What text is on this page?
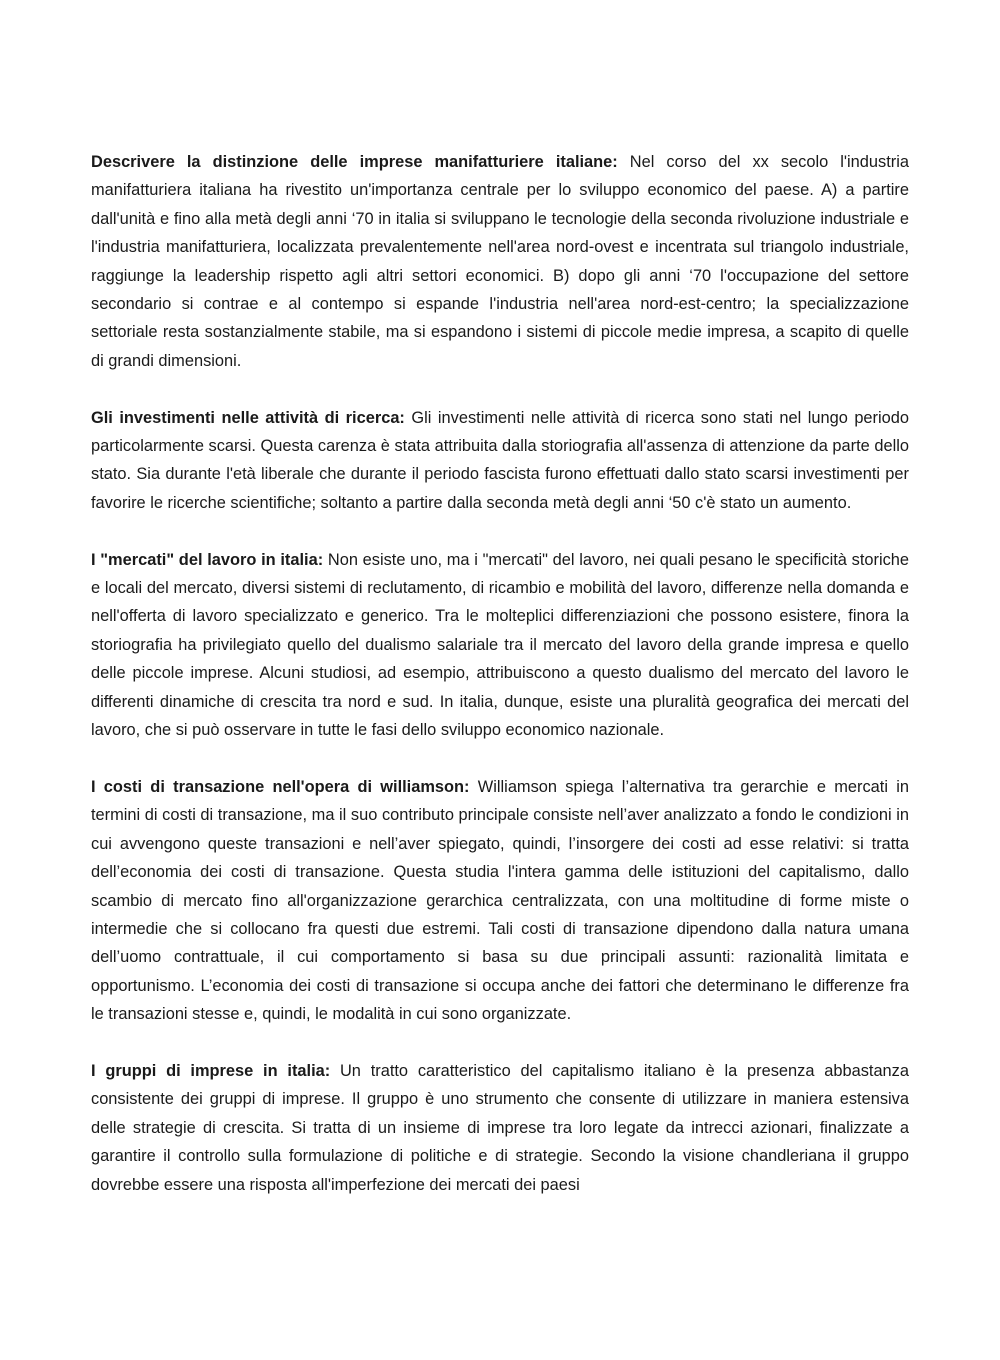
Descrivere la distinzione delle imprese manifatturiere italiane: Nel corso del xx secolo l'industria manifatturiera italiana ha rivestito un'importanza centrale per lo sviluppo economico del paese. A) a partire dall'unità e fino alla metà degli anni ‘70 in italia si sviluppano le tecnologie della seconda rivoluzione industriale e l'industria manifatturiera, localizzata prevalentemente nell'area nord-ovest e incentrata sul triangolo industriale, raggiunge la leadership rispetto agli altri settori economici. B) dopo gli anni ‘70 l'occupazione del settore secondario si contrae e al contempo si espande l'industria nell'area nord-est-centro; la specializzazione settoriale resta sostanzialmente stabile, ma si espandono i sistemi di piccole medie impresa, a scapito di quelle di grandi dimensioni.

Gli investimenti nelle attività di ricerca: Gli investimenti nelle attività di ricerca sono stati nel lungo periodo particolarmente scarsi. Questa carenza è stata attribuita dalla storiografia all'assenza di attenzione da parte dello stato. Sia durante l'età liberale che durante il periodo fascista furono effettuati dallo stato scarsi investimenti per favorire le ricerche scientifiche; soltanto a partire dalla seconda metà degli anni ‘50 c'è stato un aumento.

I "mercati" del lavoro in italia: Non esiste uno, ma i "mercati" del lavoro, nei quali pesano le specificità storiche e locali del mercato, diversi sistemi di reclutamento, di ricambio e mobilità del lavoro, differenze nella domanda e nell'offerta di lavoro specializzato e generico. Tra le molteplici differenziazioni che possono esistere, finora la storiografia ha privilegiato quello del dualismo salariale tra il mercato del lavoro della grande impresa e quello delle piccole imprese. Alcuni studiosi, ad esempio, attribuiscono a questo dualismo del mercato del lavoro le differenti dinamiche di crescita tra nord e sud. In italia, dunque, esiste una pluralità geografica dei mercati del lavoro, che si può osservare in tutte le fasi dello sviluppo economico nazionale.

I costi di transazione nell'opera di williamson: Williamson spiega l’alternativa tra gerarchie e mercati in termini di costi di transazione, ma il suo contributo principale consiste nell’aver analizzato a fondo le condizioni in cui avvengono queste transazioni e nell’aver spiegato, quindi, l’insorgere dei costi ad esse relativi: si tratta dell’economia dei costi di transazione. Questa studia l'intera gamma delle istituzioni del capitalismo, dallo scambio di mercato fino all'organizzazione gerarchica centralizzata, con una moltitudine di forme miste o intermedie che si collocano fra questi due estremi. Tali costi di transazione dipendono dalla natura umana dell’uomo contrattuale, il cui comportamento si basa su due principali assunti: razionalità limitata e opportunismo. L’economia dei costi di transazione si occupa anche dei fattori che determinano le differenze fra le transazioni stesse e, quindi, le modalità in cui sono organizzate.

I gruppi di imprese in italia: Un tratto caratteristico del capitalismo italiano è la presenza abbastanza consistente dei gruppi di imprese. Il gruppo è uno strumento che consente di utilizzare in maniera estensiva delle strategie di crescita. Si tratta di un insieme di imprese tra loro legate da intrecci azionari, finalizzate a garantire il controllo sulla formulazione di politiche e di strategie. Secondo la visione chandleriana il gruppo dovrebbe essere una risposta all'imperfezione dei mercati dei paesi
